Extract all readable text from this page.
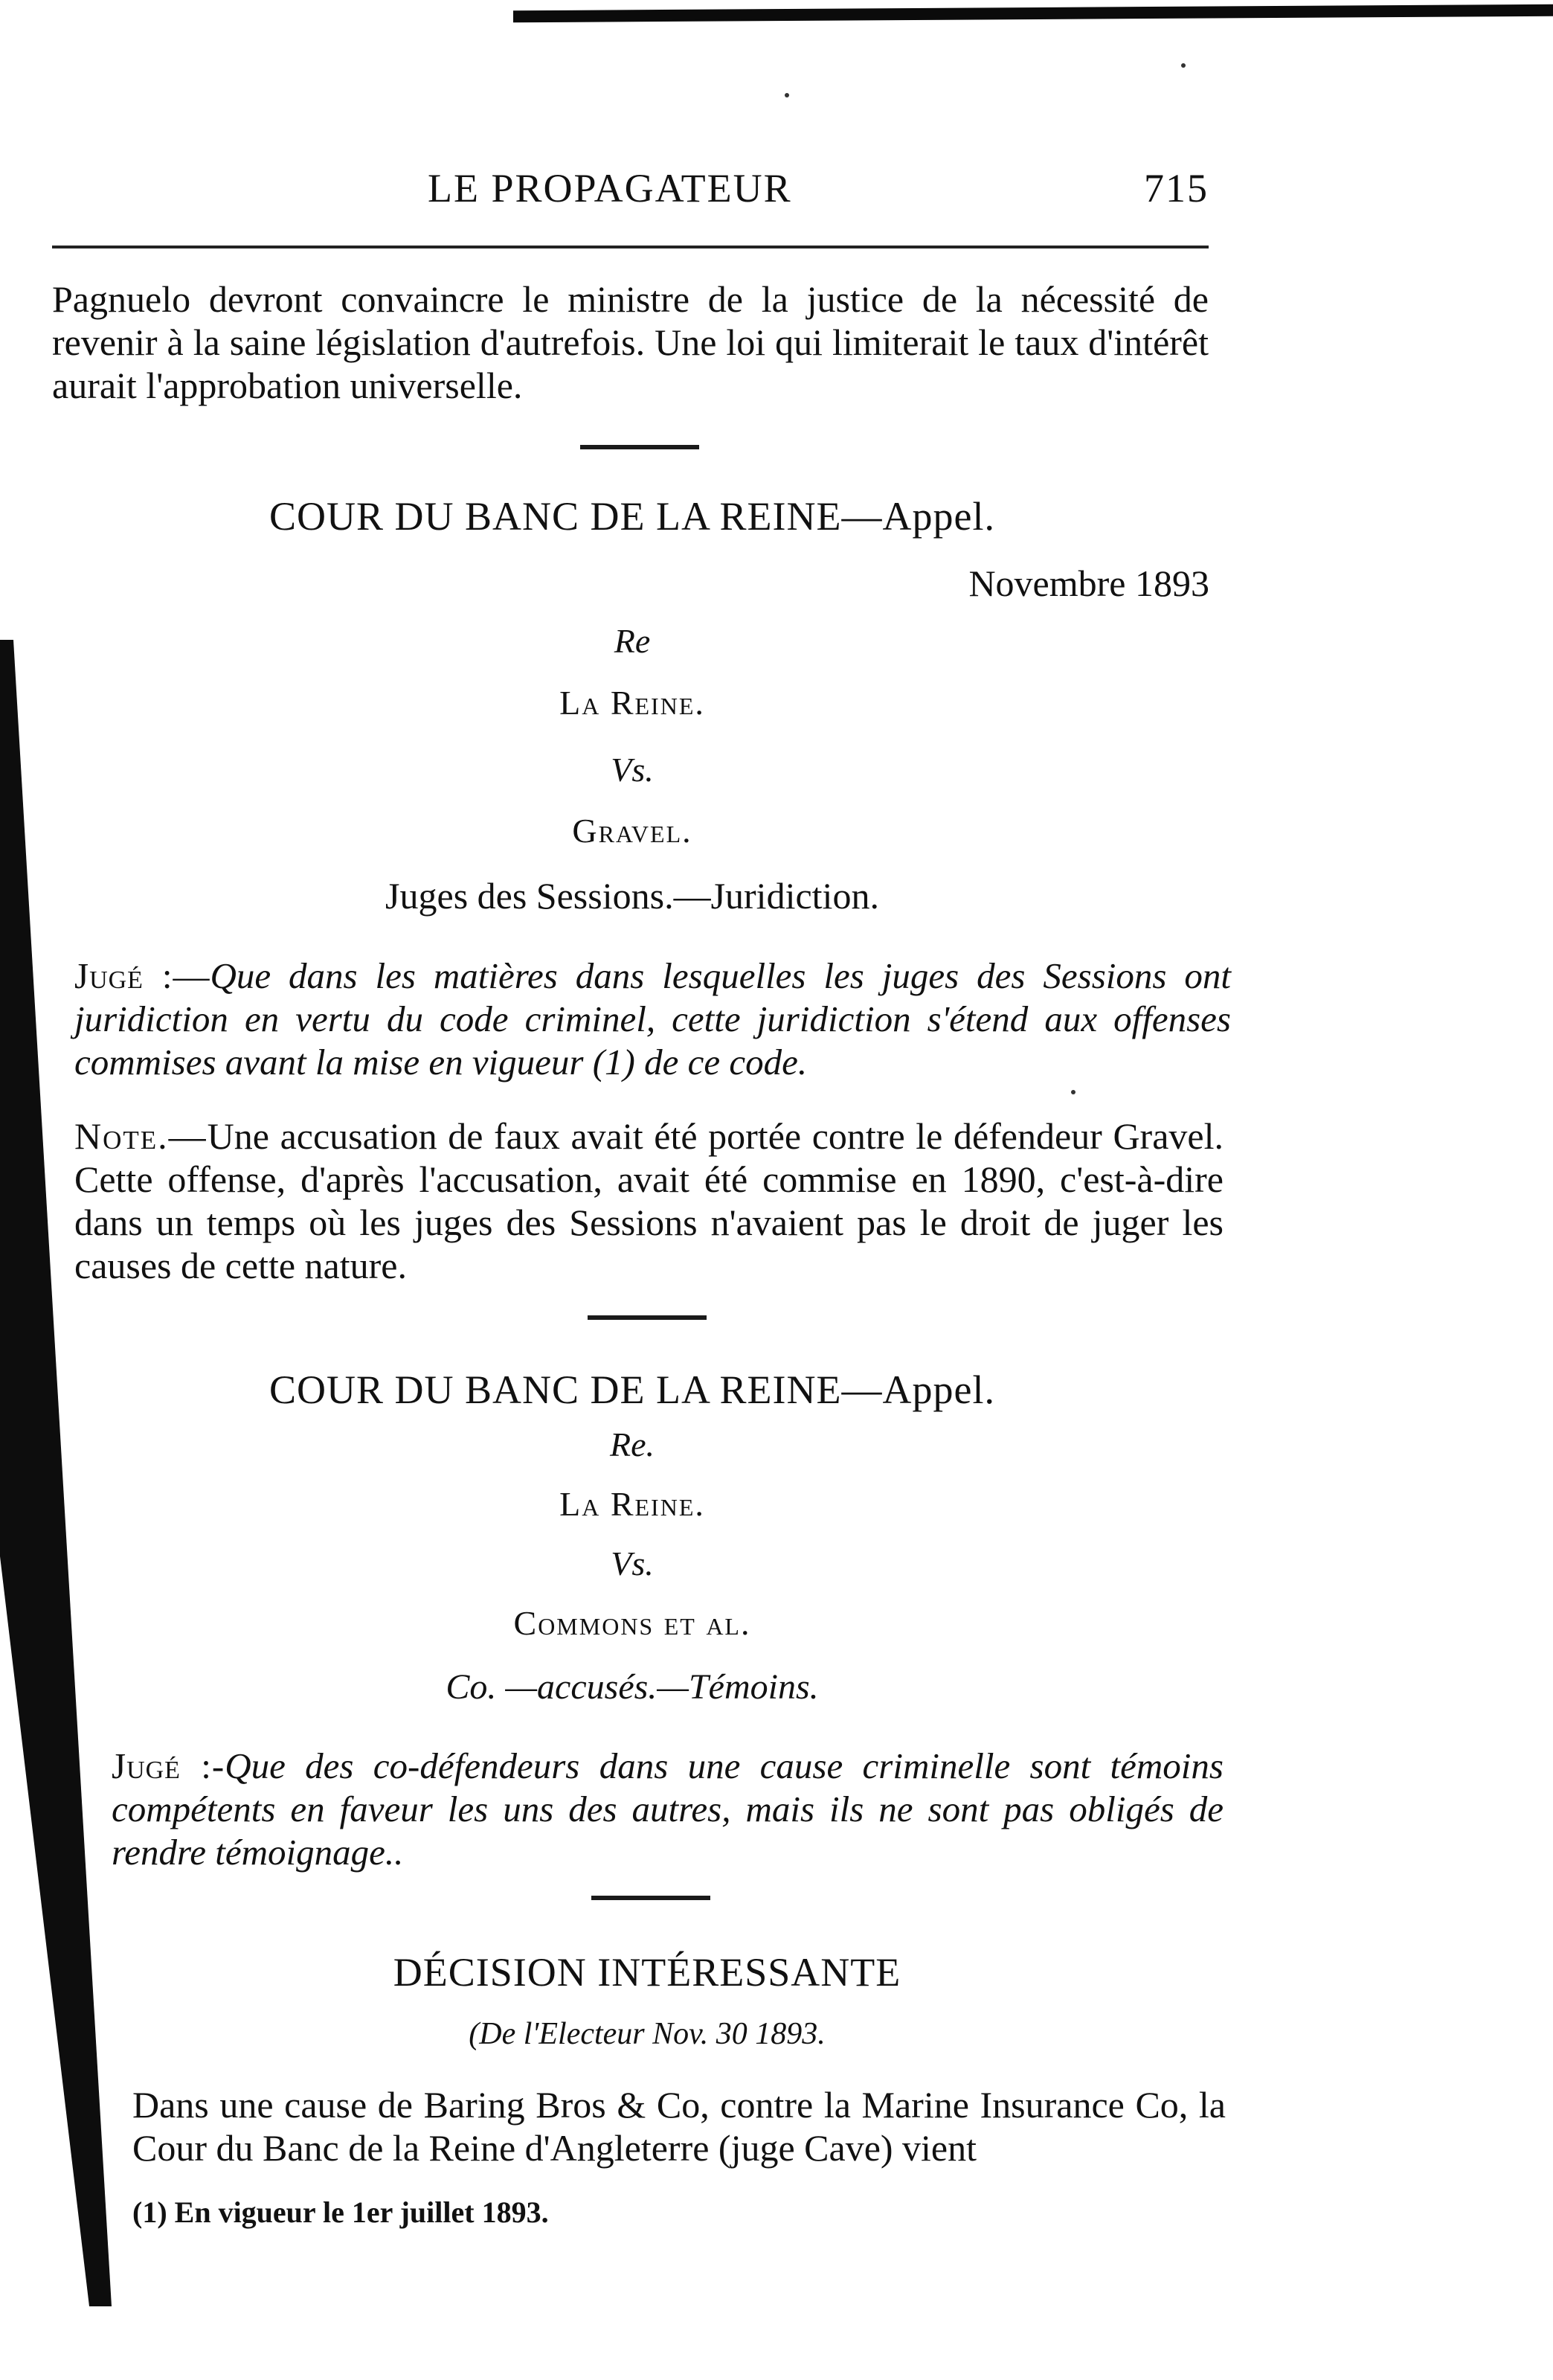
LE PROPAGATEUR	715

Pagnuelo devront convaincre le ministre de la justice de la nécessité de revenir à la saine législation d'autrefois. Une loi qui limiterait le taux d'intérêt aurait l'approbation universelle.

COUR DU BANC DE LA REINE—Appel.

Novembre 1893

Re

La Reine.

Vs.

Gravel.

Juges des Sessions.—Juridiction.

Jugé :—Que dans les matières dans lesquelles les juges des Sessions ont juridiction en vertu du code criminel, cette juridiction s'étend aux offenses commises avant la mise en vigueur (1) de ce code.

Note.—Une accusation de faux avait été portée contre le défendeur Gravel. Cette offense, d'après l'accusation, avait été commise en 1890, c'est-à-dire dans un temps où les juges des Sessions n'avaient pas le droit de juger les causes de cette nature.

COUR DU BANC DE LA REINE—Appel.

Re.

La Reine.

Vs.

Commons et al.

Co. —accusés.—Témoins.

Jugé :-Que des co-défendeurs dans une cause criminelle sont témoins compétents en faveur les uns des autres, mais ils ne sont pas obligés de rendre témoignage..

DÉCISION INTÉRESSANTE

(De l'Electeur Nov. 30 1893.

Dans une cause de Baring Bros & Co, contre la Marine Insurance Co, la Cour du Banc de la Reine d'Angleterre (juge Cave) vient

(1) En vigueur le 1er juillet 1893.
